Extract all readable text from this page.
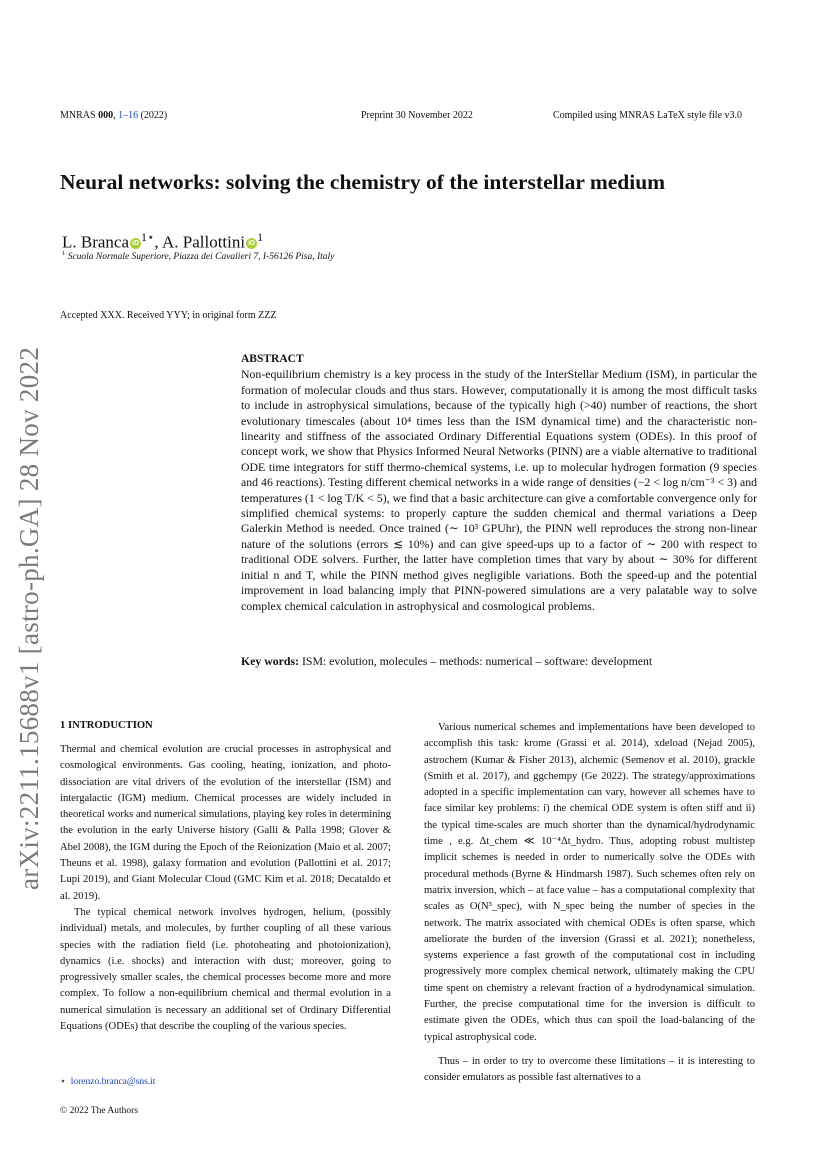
MNRAS 000, 1–16 (2022)	Preprint 30 November 2022	Compiled using MNRAS LaTeX style file v3.0
Neural networks: solving the chemistry of the interstellar medium
L. Branca iD $^{1⋆}$, A. Pallottini iD $^1$
$^1$ Scuola Normale Superiore, Piazza dei Cavalieri 7, I-56126 Pisa, Italy
Accepted XXX. Received YYY; in original form ZZZ
arXiv:2211.15688v1 [astro-ph.GA] 28 Nov 2022	ABSTRACT
Non-equilibrium chemistry is a key process in the study of the InterStellar Medium (ISM), in particular the formation of molecular clouds and thus stars. However, computationally it is among the most difficult tasks to include in astrophysical simulations, because of the typically high (>40) number of reactions, the short evolutionary timescales (about 10⁴ times less than the ISM dynamical time) and the characteristic non-linearity and stiffness of the associated Ordinary Differential Equations system (ODEs). In this proof of concept work, we show that Physics Informed Neural Networks (PINN) are a viable alternative to traditional ODE time integrators for stiff thermo-chemical systems, i.e. up to molecular hydrogen formation (9 species and 46 reactions). Testing different chemical networks in a wide range of densities (−2 < log n/cm⁻³ < 3) and temperatures (1 < log T/K < 5), we find that a basic architecture can give a comfortable convergence only for simplified chemical systems: to properly capture the sudden chemical and thermal variations a Deep Galerkin Method is needed. Once trained (∼ 10³ GPUhr), the PINN well reproduces the strong non-linear nature of the solutions (errors ≲ 10%) and can give speed-ups up to a factor of ∼ 200 with respect to traditional ODE solvers. Further, the latter have completion times that vary by about ∼ 30% for different initial n and T, while the PINN method gives negligible variations. Both the speed-up and the potential improvement in load balancing imply that PINN-powered simulations are a very palatable way to solve complex chemical calculation in astrophysical and cosmological problems.
Key words: ISM: evolution, molecules – methods: numerical – software: development
1 INTRODUCTION

Thermal and chemical evolution are crucial processes in astrophysical and cosmological environments. Gas cooling, heating, ionization, and photo-dissociation are vital drivers of the evolution of the interstellar (ISM) and intergalactic (IGM) medium. Chemical processes are widely included in theoretical works and numerical simulations, playing key roles in determining the evolution in the early Universe history (Galli & Palla 1998; Glover & Abel 2008), the IGM during the Epoch of the Reionization (Maio et al. 2007; Theuns et al. 1998), galaxy formation and evolution (Pallottini et al. 2017; Lupi 2019), and Giant Molecular Cloud (GMC Kim et al. 2018; Decataldo et al. 2019).

The typical chemical network involves hydrogen, helium, (possibly individual) metals, and molecules, by further coupling of all these various species with the radiation field (i.e. photoheating and photoionization), dynamics (i.e. shocks) and interaction with dust; moreover, going to progressively smaller scales, the chemical processes become more and more complex. To follow a non-equilibrium chemical and thermal evolution in a numerical simulation is necessary an additional set of Ordinary Differential Equations (ODEs) that describe the coupling of the various species.

Various numerical schemes and implementations have been developed to accomplish this task: krome (Grassi et al. 2014), xdeload (Nejad 2005), astrochem (Kumar & Fisher 2013), alchemic (Semenov et al. 2010), grackle (Smith et al. 2017), and ggchempy (Ge 2022). The strategy/approximations adopted in a specific implementation can vary, however all schemes have to face similar key problems: i) the chemical ODE system is often stiff and ii) the typical time-scales are much shorter than the dynamical/hydrodynamic time , e.g. Δt_chem ≪ 10⁻⁴Δt_hydro. Thus, adopting robust multistep implicit schemes is needed in order to numerically solve the ODEs with procedural methods (Byrne & Hindmarsh 1987). Such schemes often rely on matrix inversion, which – at face value – has a computational complexity that scales as O(N³_spec), with N_spec being the number of species in the network. The matrix associated with chemical ODEs is often sparse, which ameliorate the burden of the inversion (Grassi et al. 2021); nonetheless, systems experience a fast growth of the computational cost in including progressively more complex chemical network, ultimately making the CPU time spent on chemistry a relevant fraction of a hydrodynamical simulation. Further, the precise computational time for the inversion is difficult to estimate given the ODEs, which thus can spoil the load-balancing of the typical astrophysical code.

Thus – in order to try to overcome these limitations – it is interesting to consider emulators as possible fast alternatives to a

⋆ lorenzo.branca@sns.it
© 2022 The Authors
